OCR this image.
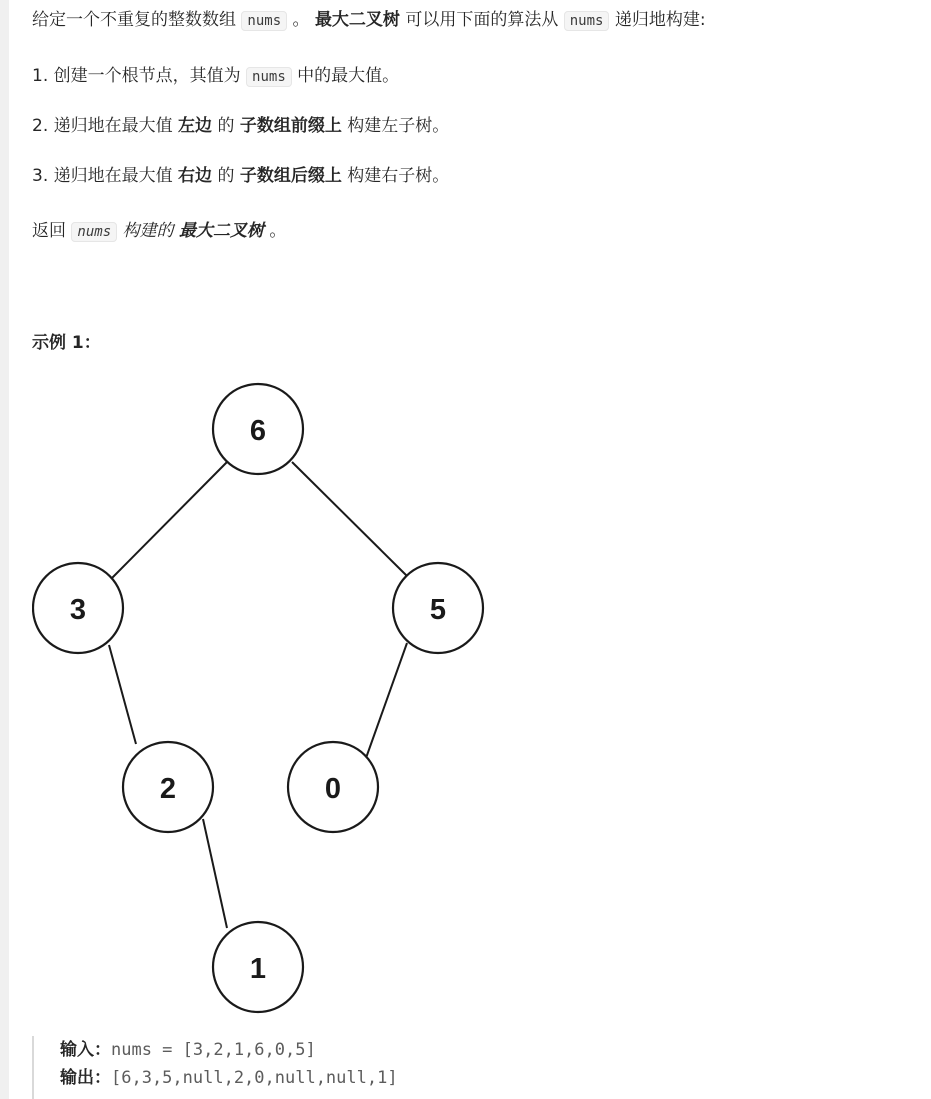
给定一个不重复的整数数组 nums 。 最大二叉树 可以用下面的算法从 nums 递归地构建:

1. 创建一个根节点，其值为 nums 中的最大值。

2. 递归地在最大值 左边 的 子数组前缀上 构建左子树。

3. 递归地在最大值 右边 的 子数组后缀上 构建右子树。

返回 nums 构建的 最大二叉树 。

示例 1：
6
3	5
2	0
1
输入：nums = [3,2,1,6,0,5]
输出：[6,3,5,null,2,0,null,null,1]
